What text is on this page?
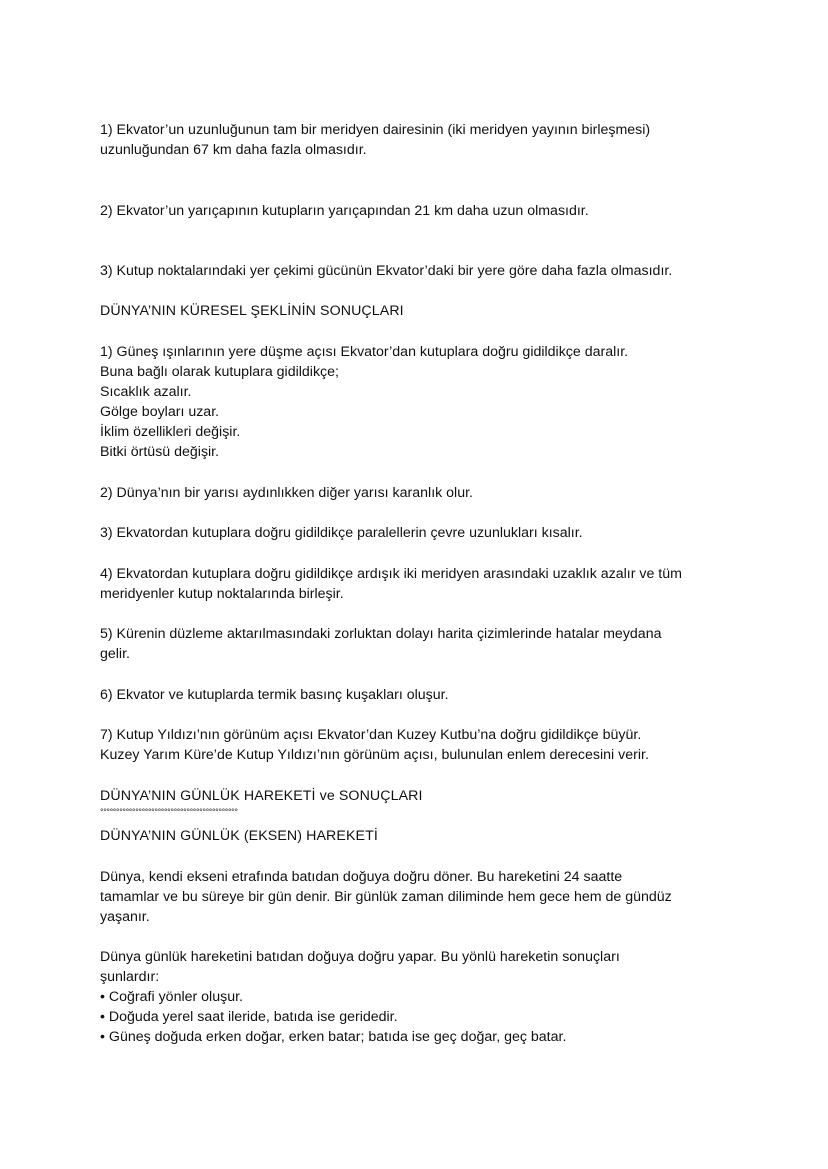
1) Ekvator’un uzunluğunun tam bir meridyen dairesinin (iki meridyen yayının birleşmesi)
uzunluğundan 67 km daha fazla olmasıdır.
2) Ekvator’un yarıçapının kutupların yarıçapından 21 km daha uzun olmasıdır.
3) Kutup noktalarındaki yer çekimi gücünün Ekvator’daki bir yere göre daha fazla olmasıdır.
DÜNYA’NIN KÜRESEL ŞEKLİNİN SONUÇLARI
1) Güneş ışınlarının yere düşme açısı Ekvator’dan kutuplara doğru gidildikçe daralır.
Buna bağlı olarak kutuplara gidildikçe;
Sıcaklık azalır.
Gölge boyları uzar.
İklim özellikleri değişir.
Bitki örtüsü değişir.
2) Dünya’nın bir yarısı aydınlıkken diğer yarısı karanlık olur.
3) Ekvatordan kutuplara doğru gidildikçe paralellerin çevre uzunlukları kısalır.
4) Ekvatordan kutuplara doğru gidildikçe ardışık iki meridyen arasındaki uzaklık azalır ve tüm
meridyenler kutup noktalarında birleşir.
5) Kürenin düzleme aktarılmasındaki zorluktan dolayı harita çizimlerinde hatalar meydana
gelir.
6) Ekvator ve kutuplarda termik basınç kuşakları oluşur.
7) Kutup Yıldızı’nın görünüm açısı Ekvator’dan Kuzey Kutbu’na doğru gidildikçe büyür.
Kuzey Yarım Küre’de Kutup Yıldızı’nın görünüm açısı, bulunulan enlem derecesini verir.
DÜNYA’NIN GÜNLÜK HAREKETİ ve SONUÇLARI
°°°°°°°°°°°°°°°°°°°°°°°°°°°°°°°°°°°°°°°°°°°
DÜNYA’NIN GÜNLÜK (EKSEN) HAREKETİ
Dünya, kendi ekseni etrafında batıdan doğuya doğru döner. Bu hareketini 24 saatte
tamamlar ve bu süreye bir gün denir. Bir günlük zaman diliminde hem gece hem de gündüz
yaşanır.
Dünya günlük hareketini batıdan doğuya doğru yapar. Bu yönlü hareketin sonuçları
şunlardır:
• Coğrafi yönler oluşur.
• Doğuda yerel saat ileride, batıda ise geridedir.
• Güneş doğuda erken doğar, erken batar; batıda ise geç doğar, geç batar.
